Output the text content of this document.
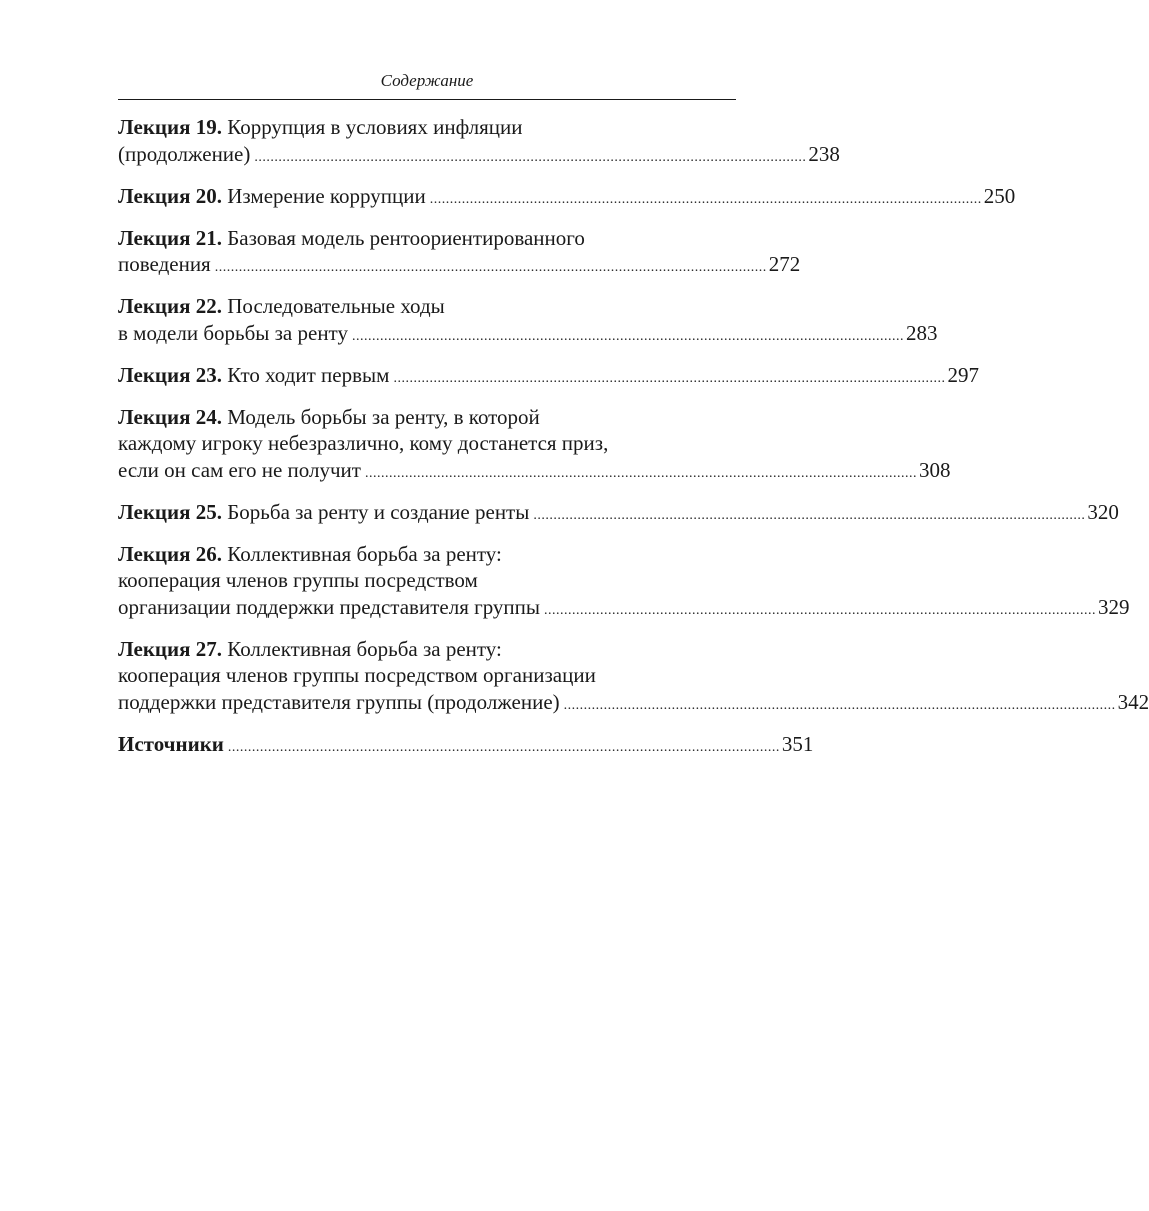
Содержание
Лекция 19. Коррупция в условиях инфляции
(продолжение) .......................................................................................................................................... 238
Лекция 20. Измерение коррупции .......................................................................................................................................... 250
Лекция 21. Базовая модель рентоориентированного
поведения .......................................................................................................................................... 272
Лекция 22. Последовательные ходы
в модели борьбы за ренту .......................................................................................................................................... 283
Лекция 23. Кто ходит первым .......................................................................................................................................... 297
Лекция 24. Модель борьбы за ренту, в которой
каждому игроку небезразлично, кому достанется приз,
если он сам его не получит .......................................................................................................................................... 308
Лекция 25. Борьба за ренту и создание ренты .......................................................................................................................................... 320
Лекция 26. Коллективная борьба за ренту:
кооперация членов группы посредством
организации поддержки представителя группы .......................................................................................................................................... 329
Лекция 27. Коллективная борьба за ренту:
кооперация членов группы посредством организации
поддержки представителя группы (продолжение) .......................................................................................................................................... 342
Источники .......................................................................................................................................... 351
